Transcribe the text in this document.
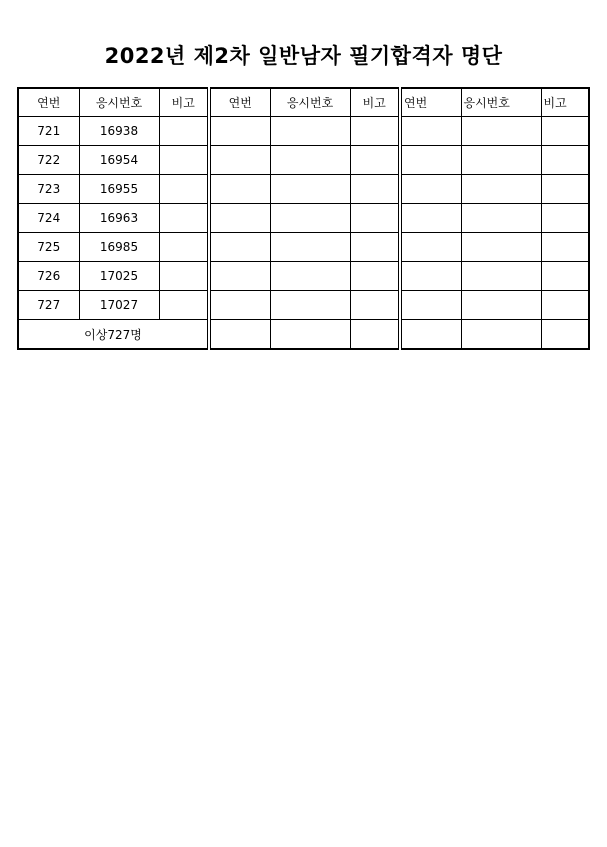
2022년 제2차 일반남자 필기합격자 명단
연번	응시번호	비고	연번	응시번호	비고	연번	응시번호	비고
721	16938							
722	16954							
723	16955							
724	16963							
725	16985							
726	17025							
727	17027							
이상727명								
